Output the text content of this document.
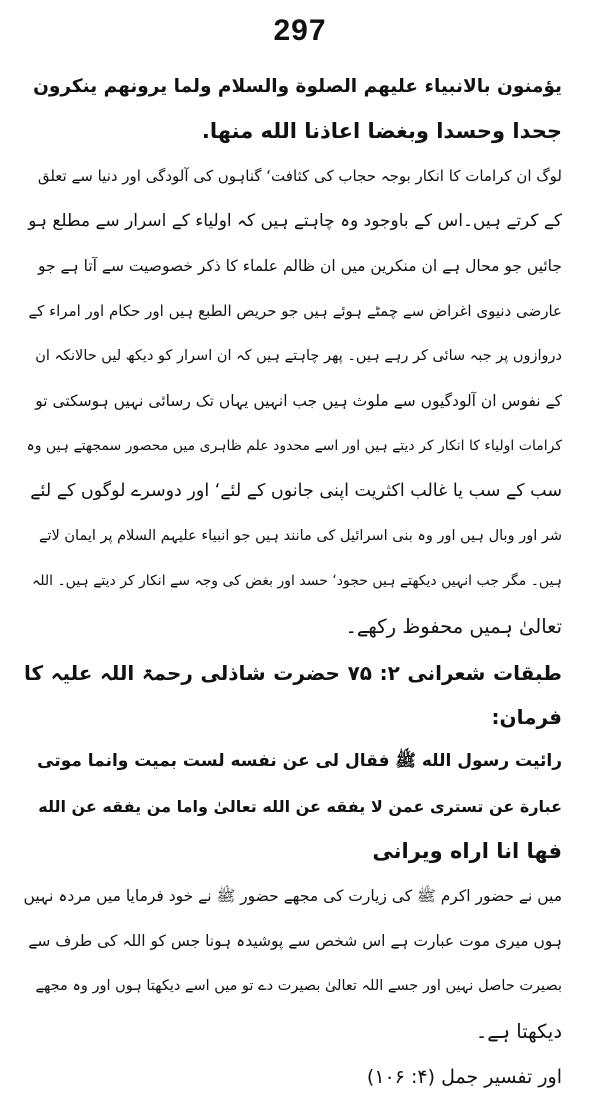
297
يؤمنون بالانبياء عليهم الصلوة والسلام ولما يرونهم ينكرون
جحدا وحسدا وبغضا اعاذنا الله منها.
لوگ ان کرامات کا انکار بوجہ حجاب کی کثافت‘ گناہوں کی آلودگی اور دنیا سے تعلق
کے کرتے ہیں۔اس کے باوجود وہ چاہتے ہیں کہ اولیاء کے اسرار سے مطلع ہو
جائیں جو محال ہے ان منکرین میں ان ظالم علماء کا ذکر خصوصیت سے آتا ہے جو
عارضی دنیوی اغراض سے چمٹے ہوئے ہیں جو حریص الطبع ہیں اور حکام اور امراء کے
دروازوں پر جبہ سائی کر رہے ہیں۔ پھر چاہتے ہیں کہ ان اسرار کو دیکھ لیں حالانکہ ان
کے نفوس ان آلودگیوں سے ملوث ہیں جب انہیں یہاں تک رسائی نہیں ہوسکتی تو
کرامات اولیاء کا انکار کر دیتے ہیں اور اسے محدود علم ظاہری میں محصور سمجھتے ہیں وہ
سب کے سب یا غالب اکثریت اپنی جانوں کے لئے‘ اور دوسرے لوگوں کے لئے
شر اور وبال ہیں اور وہ بنی اسرائیل کی مانند ہیں جو انبیاء علیہم السلام پر ایمان لاتے
ہیں۔ مگر جب انہیں دیکھتے ہیں حجود‘ حسد اور بغض کی وجہ سے انکار کر دیتے ہیں۔ اللہ
تعالیٰ ہمیں محفوظ رکھے۔
طبقات شعرانی ۲: ۷۵ حضرت شاذلی رحمۃ اللہ علیہ کا فرمان:
رائیت رسول الله ﷺ فقال لی عن نفسه لست بمیت وانما موتی
عبارة عن تستری عمن لا یفقه عن الله تعالیٰ واما من یفقه عن الله
فها انا اراه ویرانی
میں نے حضور اکرم ﷺ کی زیارت کی مجھے حضور ﷺ نے خود فرمایا میں مردہ نہیں
ہوں میری موت عبارت ہے اس شخص سے پوشیدہ ہونا جس کو اللہ کی طرف سے
بصیرت حاصل نہیں اور جسے اللہ تعالیٰ بصیرت دے تو میں اسے دیکھتا ہوں اور وہ مجھے
دیکھتا ہے۔
اور تفسیر جمل (۴: ۱۰۶)
